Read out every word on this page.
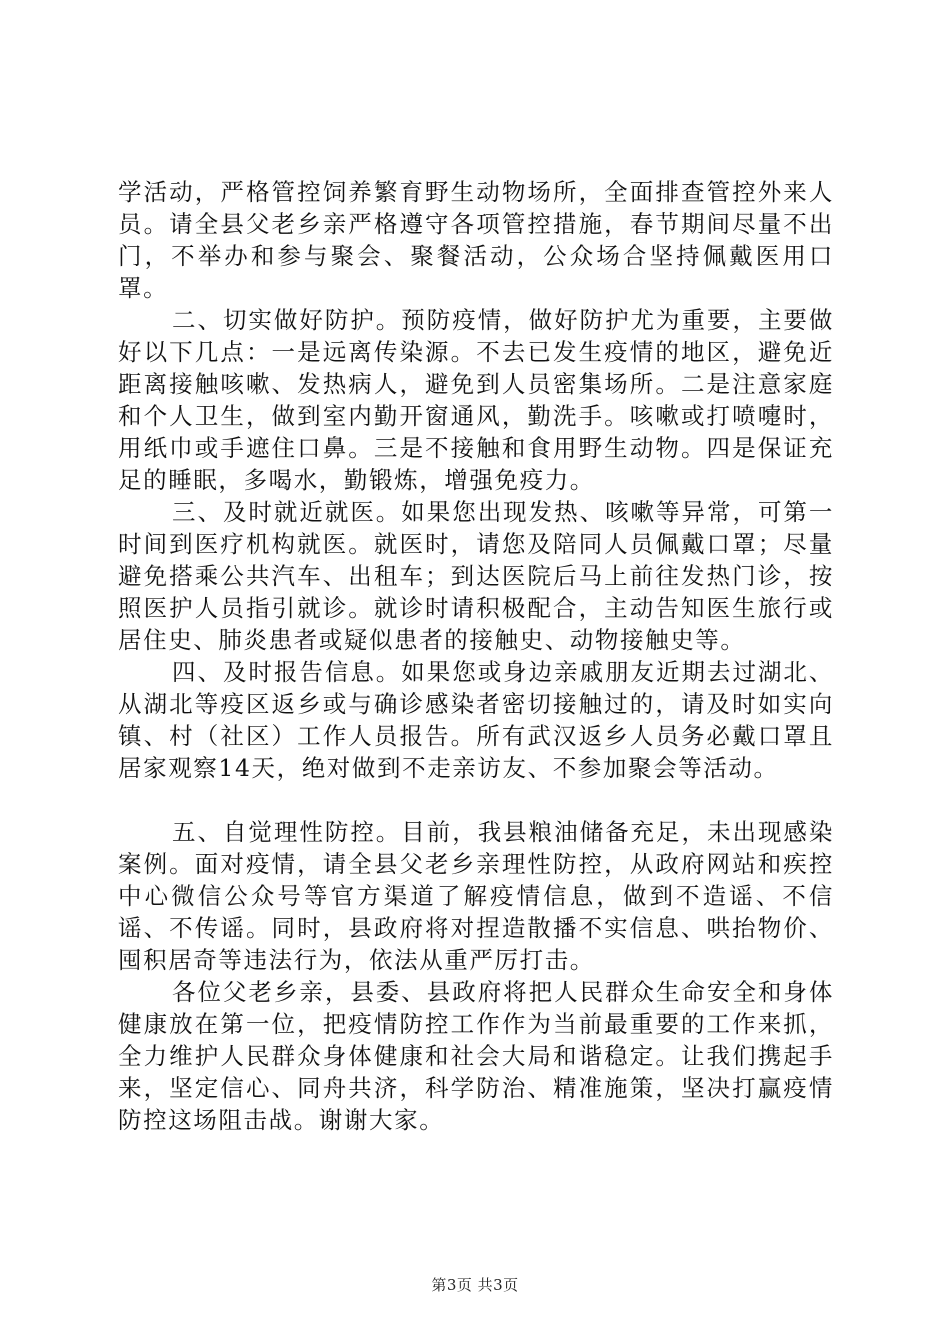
学活动，严格管控饲养繁育野生动物场所，全面排查管控外来人员。请全县父老乡亲严格遵守各项管控措施，春节期间尽量不出门，不举办和参与聚会、聚餐活动，公众场合坚持佩戴医用口罩。

二、切实做好防护。预防疫情，做好防护尤为重要，主要做好以下几点：一是远离传染源。不去已发生疫情的地区，避免近距离接触咳嗽、发热病人，避免到人员密集场所。二是注意家庭和个人卫生，做到室内勤开窗通风，勤洗手。咳嗽或打喷嚏时，用纸巾或手遮住口鼻。三是不接触和食用野生动物。四是保证充足的睡眠，多喝水，勤锻炼，增强免疫力。

三、及时就近就医。如果您出现发热、咳嗽等异常，可第一时间到医疗机构就医。就医时，请您及陪同人员佩戴口罩；尽量避免搭乘公共汽车、出租车；到达医院后马上前往发热门诊，按照医护人员指引就诊。就诊时请积极配合，主动告知医生旅行或居住史、肺炎患者或疑似患者的接触史、动物接触史等。

四、及时报告信息。如果您或身边亲戚朋友近期去过湖北、从湖北等疫区返乡或与确诊感染者密切接触过的，请及时如实向镇、村（社区）工作人员报告。所有武汉返乡人员务必戴口罩且居家观察14天，绝对做到不走亲访友、不参加聚会等活动。

五、自觉理性防控。目前，我县粮油储备充足，未出现感染案例。面对疫情，请全县父老乡亲理性防控，从政府网站和疾控中心微信公众号等官方渠道了解疫情信息，做到不造谣、不信谣、不传谣。同时，县政府将对捏造散播不实信息、哄抬物价、囤积居奇等违法行为，依法从重严厉打击。

各位父老乡亲，县委、县政府将把人民群众生命安全和身体健康放在第一位，把疫情防控工作作为当前最重要的工作来抓，全力维护人民群众身体健康和社会大局和谐稳定。让我们携起手来，坚定信心、同舟共济，科学防治、精准施策，坚决打赢疫情防控这场阻击战。谢谢大家。

第3页 共3页
